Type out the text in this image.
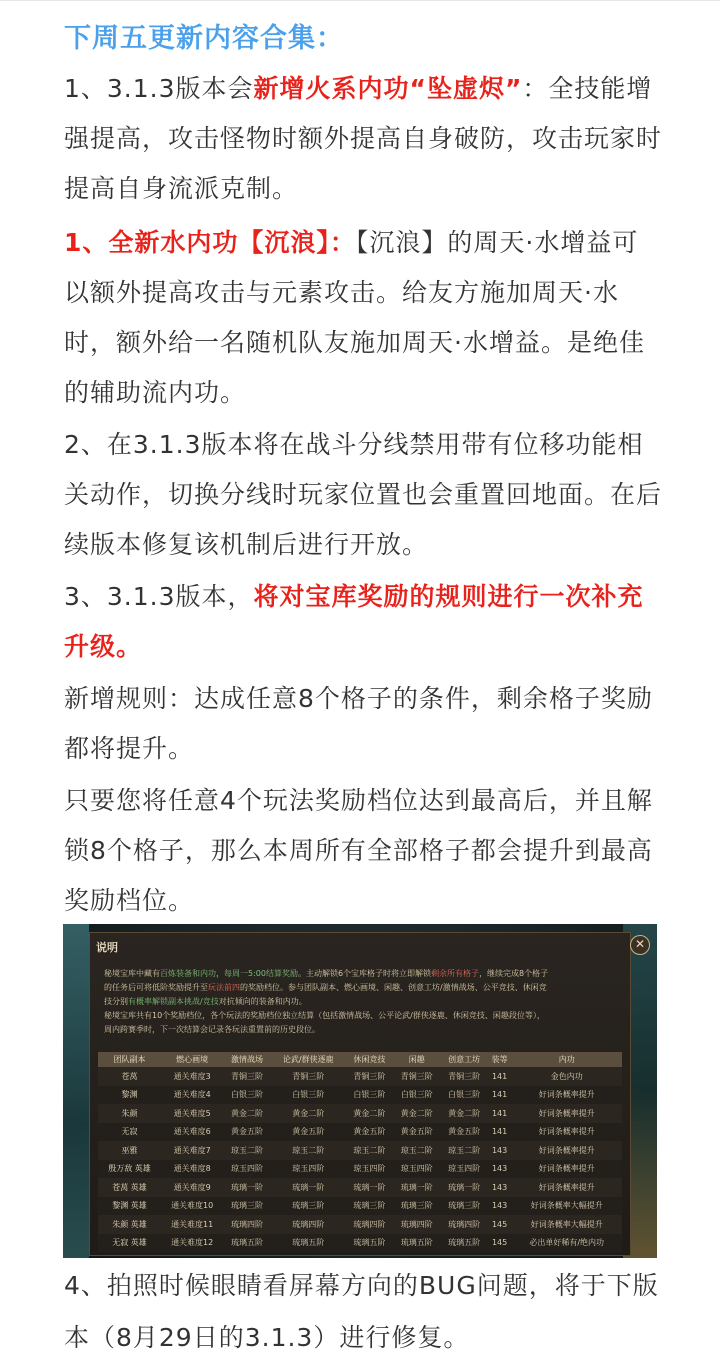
下周五更新内容合集：

1、3.1.3版本会新增火系内功“坠虚烬”：全技能增强提高，攻击怪物时额外提高自身破防，攻击玩家时提高自身流派克制。

1、全新水内功【沉浪】：【沉浪】的周天·水增益可以额外提高攻击与元素攻击。给友方施加周天·水时，额外给一名随机队友施加周天·水增益。是绝佳的辅助流内功。

2、在3.1.3版本将在战斗分线禁用带有位移功能相关动作，切换分线时玩家位置也会重置回地面。在后续版本修复该机制后进行开放。

3、3.1.3版本，将对宝库奖励的规则进行一次补充升级。

新增规则：达成任意8个格子的条件，剩余格子奖励都将提升。

只要您将任意4个玩法奖励档位达到最高后，并且解锁8个格子，那么本周所有全部格子都会提升到最高奖励档位。

说明	✕
秘境宝库中藏有百炼装备和内功，每周一5:00结算奖励。主动解锁6个宝库格子时将立即解锁剩余所有格子，继续完成8个格子
的任务后可将低阶奖励提升至玩法前四的奖励档位。参与团队副本、燃心画境、闲趣、创意工坊/激情战场、公平竞技、休闲竞
技分别有概率解锁副本挑战/竞技对抗倾向的装备和内功。
秘境宝库共有10个奖励档位，各个玩法的奖励档位独立结算（包括激情战场、公平论武/群侠逐鹿、休闲竞技、闲趣段位等），
周内跨赛季时，下一次结算会记录各玩法重置前的历史段位。
团队副本	燃心画境	激情战场	论武/群侠逐鹿	休闲竞技	闲趣	创意工坊	装等	内功
苍莴	通关难度3	青铜三阶	青铜三阶	青铜三阶	青铜三阶	青铜三阶	141	金色内功
黎渊	通关难度4	白银三阶	白银三阶	白银三阶	白银三阶	白银三阶	141	好词条概率提升
朱颜	通关难度5	黄金二阶	黄金二阶	黄金二阶	黄金二阶	黄金二阶	141	好词条概率提升
无寂	通关难度6	黄金五阶	黄金五阶	黄金五阶	黄金五阶	黄金五阶	141	好词条概率提升
巫雅	通关难度7	琼玉二阶	琼玉二阶	琼玉二阶	琼玉二阶	琼玉二阶	143	好词条概率提升
殷万敌 英雄	通关难度8	琼玉四阶	琼玉四阶	琼玉四阶	琼玉四阶	琼玉四阶	143	好词条概率提升
苍莴 英雄	通关难度9	琉璃一阶	琉璃一阶	琉璃一阶	琉璃一阶	琉璃一阶	143	好词条概率提升
黎渊 英雄	通关难度10	琉璃三阶	琉璃三阶	琉璃三阶	琉璃三阶	琉璃三阶	143	好词条概率大幅提升
朱颜 英雄	通关难度11	琉璃四阶	琉璃四阶	琉璃四阶	琉璃四阶	琉璃四阶	145	好词条概率大幅提升
无寂 英雄	通关难度12	琉璃五阶	琉璃五阶	琉璃五阶	琉璃五阶	琉璃五阶	145	必出单好稀有/绝内功

4、拍照时候眼睛看屏幕方向的BUG问题，将于下版本（8月29日的3.1.3）进行修复。
